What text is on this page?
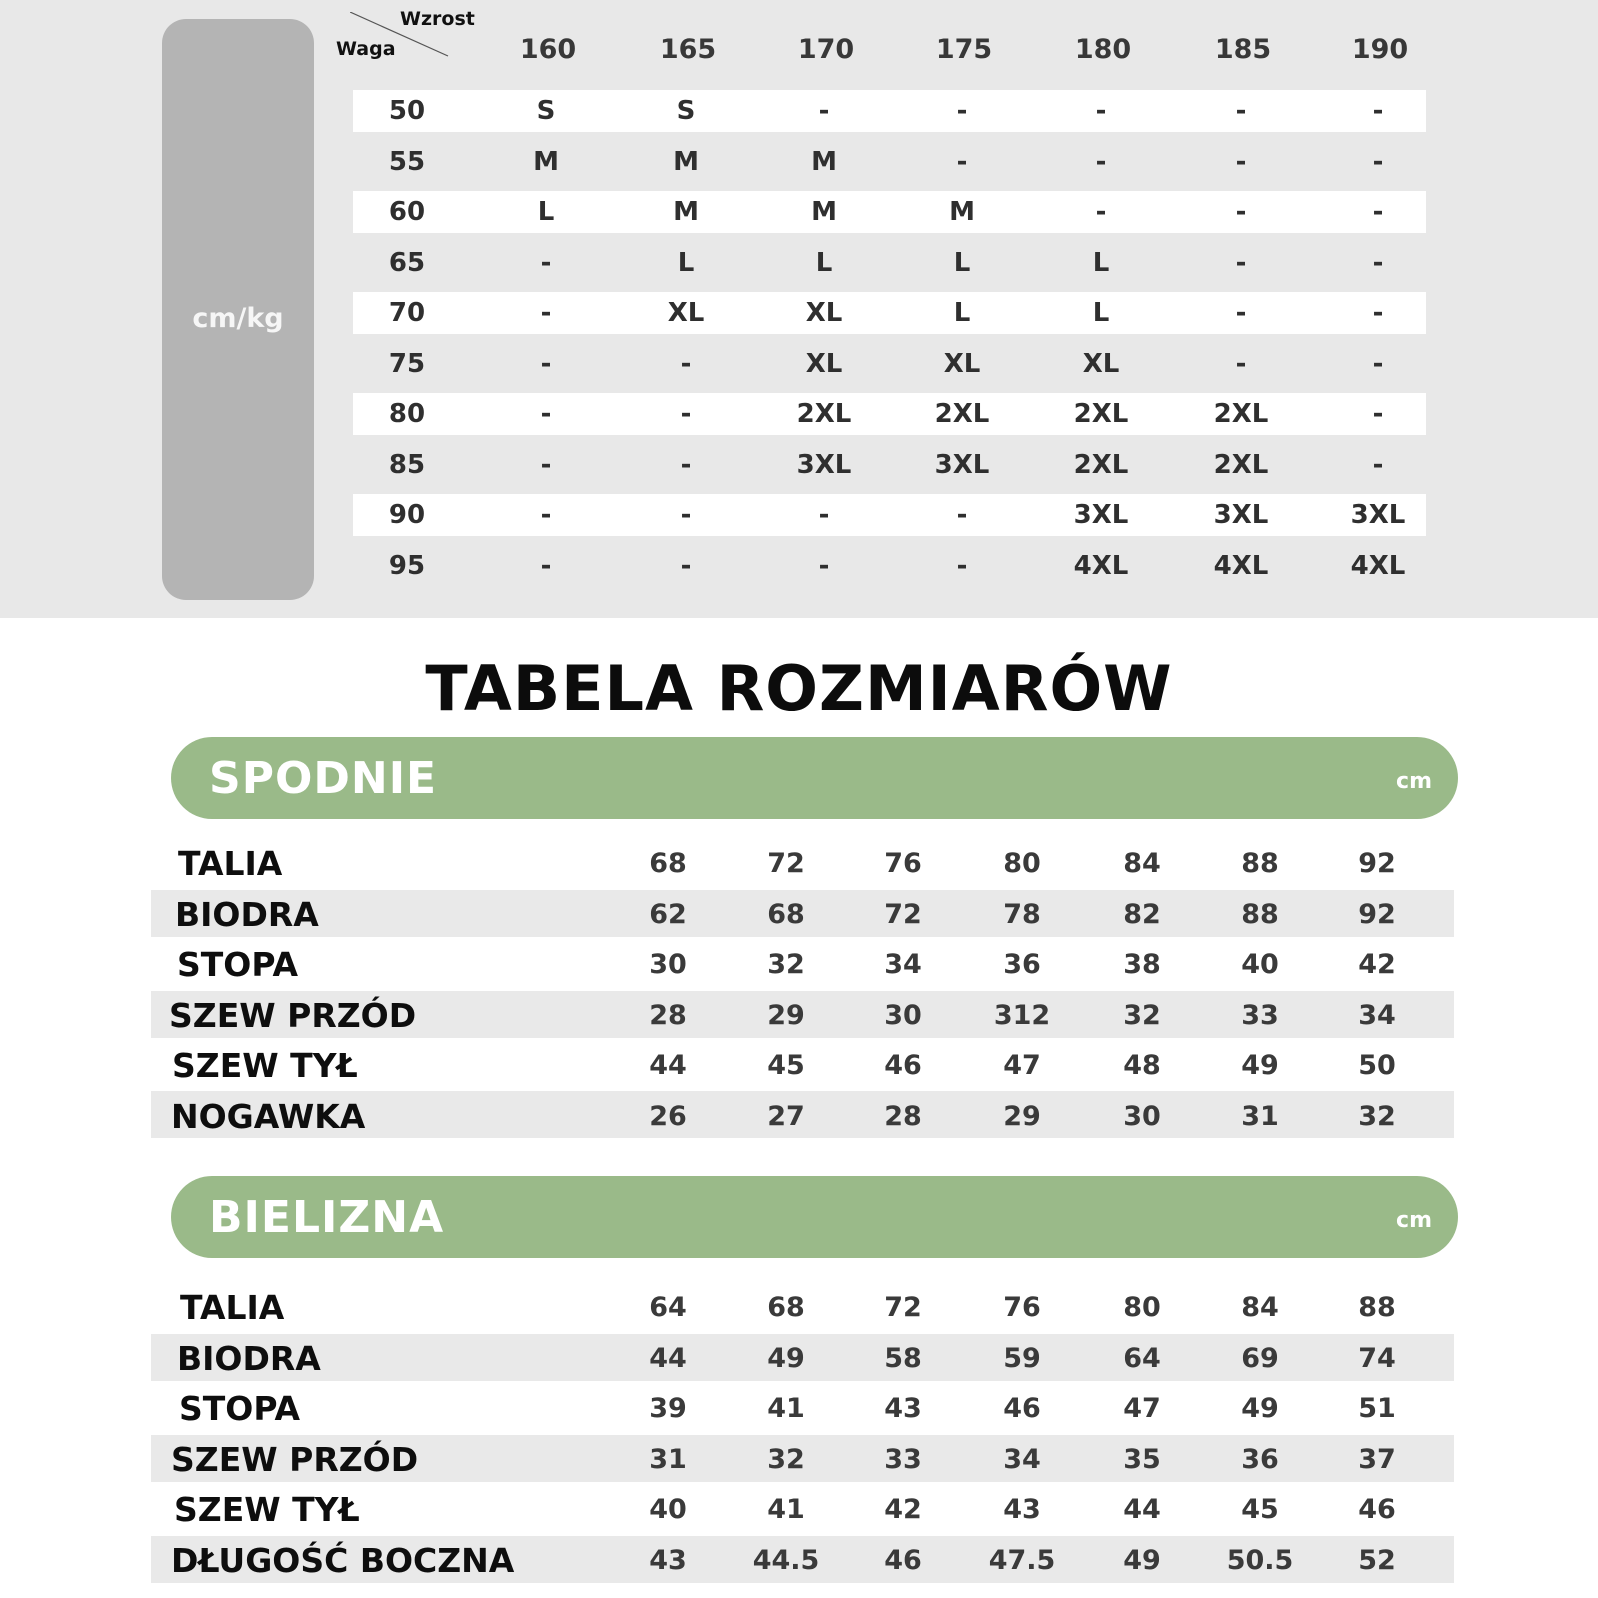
cm/kg
Wzrost
Waga	160	165	170	175	180	185	190
50	S	S	-	-	-	-	-
55	M	M	M	-	-	-	-
60	L	M	M	M	-	-	-
65	-	L	L	L	L	-	-
70	-	XL	XL	L	L	-	-
75	-	-	XL	XL	XL	-	-
80	-	-	2XL	2XL	2XL	2XL	-
85	-	-	3XL	3XL	2XL	2XL	-
90	-	-	-	-	3XL	3XL	3XL
95	-	-	-	-	4XL	4XL	4XL
TABELA ROZMIARÓW
SPODNIE	cm
TALIA	68	72	76	80	84	88	92
BIODRA	62	68	72	78	82	88	92
STOPA	30	32	34	36	38	40	42
SZEW PRZÓD	28	29	30	312	32	33	34
SZEW TYŁ	44	45	46	47	48	49	50
NOGAWKA	26	27	28	29	30	31	32
BIELIZNA	cm
TALIA	64	68	72	76	80	84	88
BIODRA	44	49	58	59	64	69	74
STOPA	39	41	43	46	47	49	51
SZEW PRZÓD	31	32	33	34	35	36	37
SZEW TYŁ	40	41	42	43	44	45	46
DŁUGOŚĆ BOCZNA	43	44.5	46	47.5	49	50.5	52
